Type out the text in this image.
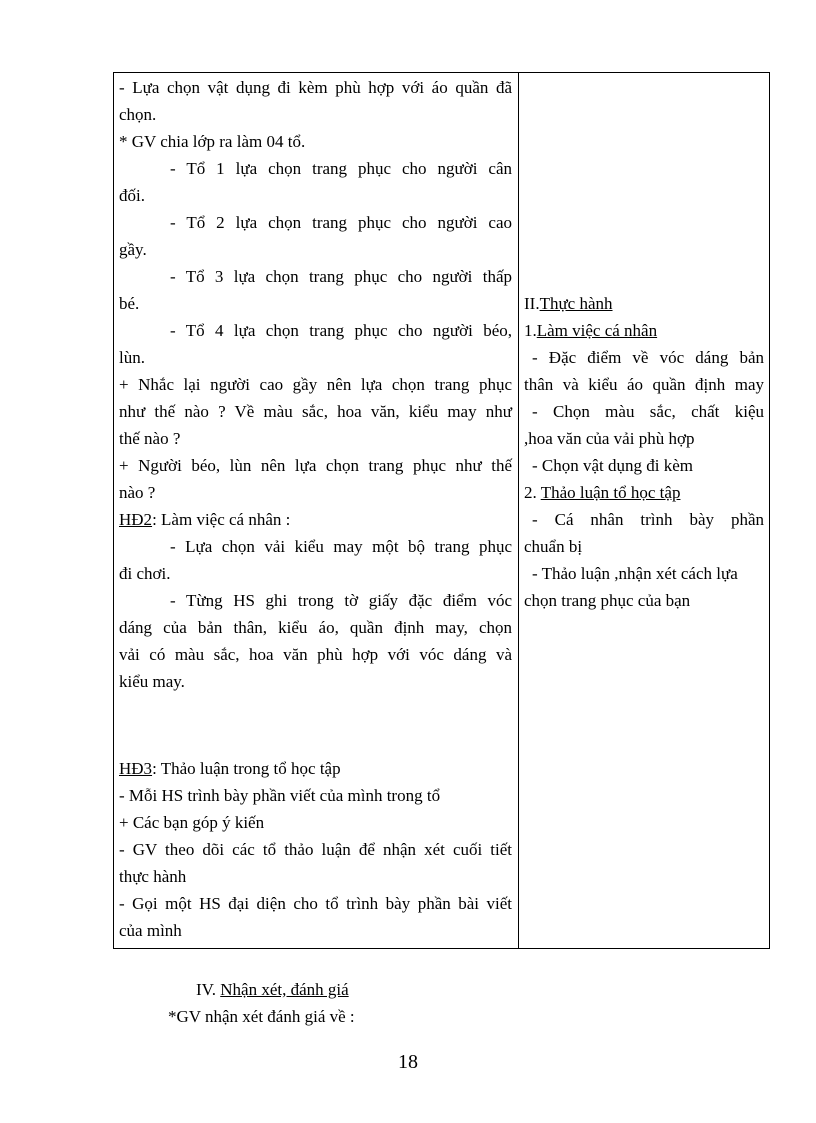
- Lựa chọn vật dụng đi kèm phù hợp với áo quần đã
chọn.
* GV chia lớp ra làm 04 tổ.
- Tổ 1 lựa chọn trang phục cho người cân
đối.
- Tổ 2 lựa chọn trang phục cho người cao
gầy.
- Tổ 3 lựa chọn trang phục cho người thấp
bé.
- Tổ 4 lựa chọn trang phục cho người béo,
lùn.
+ Nhắc lại người cao gầy nên lựa chọn trang phục
như thế nào ? Về màu sắc, hoa văn, kiểu may như
thế nào ?
+ Người béo, lùn nên lựa chọn trang phục như thế
nào ?
HĐ2: Làm việc cá nhân :
- Lựa chọn vải kiểu may một bộ trang phục
đi chơi.
- Từng HS ghi trong tờ giấy đặc điểm vóc
dáng của bản thân, kiểu áo, quần định may, chọn
vải có màu sắc, hoa văn phù hợp với vóc dáng và
kiểu may.
HĐ3: Thảo luận trong tổ học tập
- Mỗi HS trình bày phần viết của mình trong tổ
+ Các bạn góp ý kiến
- GV theo dõi các tổ thảo luận để nhận xét cuối tiết
thực hành
- Gọi một HS đại diện cho tổ trình bày phần bài viết
của mình
II.Thực hành
1.Làm việc cá nhân
- Đặc điểm về vóc dáng bản
thân và kiểu áo quần định may
- Chọn màu sắc, chất kiệu
,hoa văn của vải phù hợp
- Chọn vật dụng đi kèm
2. Thảo luận tổ học tập
- Cá nhân trình bày phần
chuẩn bị
- Thảo luận ,nhận xét cách lựa
chọn trang phục của bạn
IV. Nhận xét, đánh giá
*GV nhận xét đánh giá về :
18
